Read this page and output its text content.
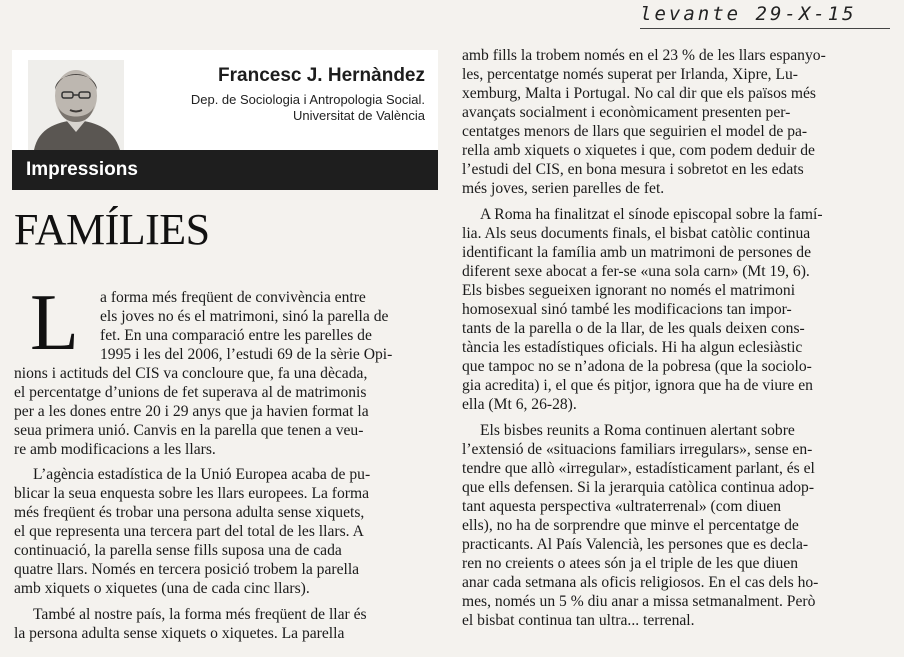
levante 29-X-15
Francesc J. Hernàndez
Dep. de Sociologia i Antropologia Social.
Universitat de València
Impressions
FAMÍLIES
L a forma més freqüent de convivència entre
els joves no és el matrimoni, sinó la parella de
fet. En una comparació entre les parelles de
1995 i les del 2006, l’estudi 69 de la sèrie Opi-
nions i actituds del CIS va concloure que, fa una dècada,
el percentatge d’unions de fet superava al de matrimonis
per a les dones entre 20 i 29 anys que ja havien format la
seua primera unió. Canvis en la parella que tenen a veu-
re amb modificacions a les llars.
L’agència estadística de la Unió Europea acaba de pu-
blicar la seua enquesta sobre les llars europees. La forma
més freqüent és trobar una persona adulta sense xiquets,
el que representa una tercera part del total de les llars. A
continuació, la parella sense fills suposa una de cada
quatre llars. Només en tercera posició trobem la parella
amb xiquets o xiquetes (una de cada cinc llars).
També al nostre país, la forma més freqüent de llar és
la persona adulta sense xiquets o xiquetes. La parella
amb fills la trobem només en el 23 % de les llars espanyo-
les, percentatge només superat per Irlanda, Xipre, Lu-
xemburg, Malta i Portugal. No cal dir que els països més
avançats socialment i econòmicament presenten per-
centatges menors de llars que seguirien el model de pa-
rella amb xiquets o xiquetes i que, com podem deduir de
l’estudi del CIS, en bona mesura i sobretot en les edats
més joves, serien parelles de fet.
A Roma ha finalitzat el sínode episcopal sobre la famí-
lia. Als seus documents finals, el bisbat catòlic continua
identificant la família amb un matrimoni de persones de
diferent sexe abocat a fer-se «una sola carn» (Mt 19, 6).
Els bisbes segueixen ignorant no només el matrimoni
homosexual sinó també les modificacions tan impor-
tants de la parella o de la llar, de les quals deixen cons-
tància les estadístiques oficials. Hi ha algun eclesiàstic
que tampoc no se n’adona de la pobresa (que la sociolo-
gia acredita) i, el que és pitjor, ignora que ha de viure en
ella (Mt 6, 26-28).
Els bisbes reunits a Roma continuen alertant sobre
l’extensió de «situacions familiars irregulars», sense en-
tendre que allò «irregular», estadísticament parlant, és el
que ells defensen. Si la jerarquia catòlica continua adop-
tant aquesta perspectiva «ultraterrenal» (com diuen
ells), no ha de sorprendre que minve el percentatge de
practicants. Al País Valencià, les persones que es decla-
ren no creients o atees són ja el triple de les que diuen
anar cada setmana als oficis religiosos. En el cas dels ho-
mes, només un 5 % diu anar a missa setmanalment. Però
el bisbat continua tan ultra... terrenal.
